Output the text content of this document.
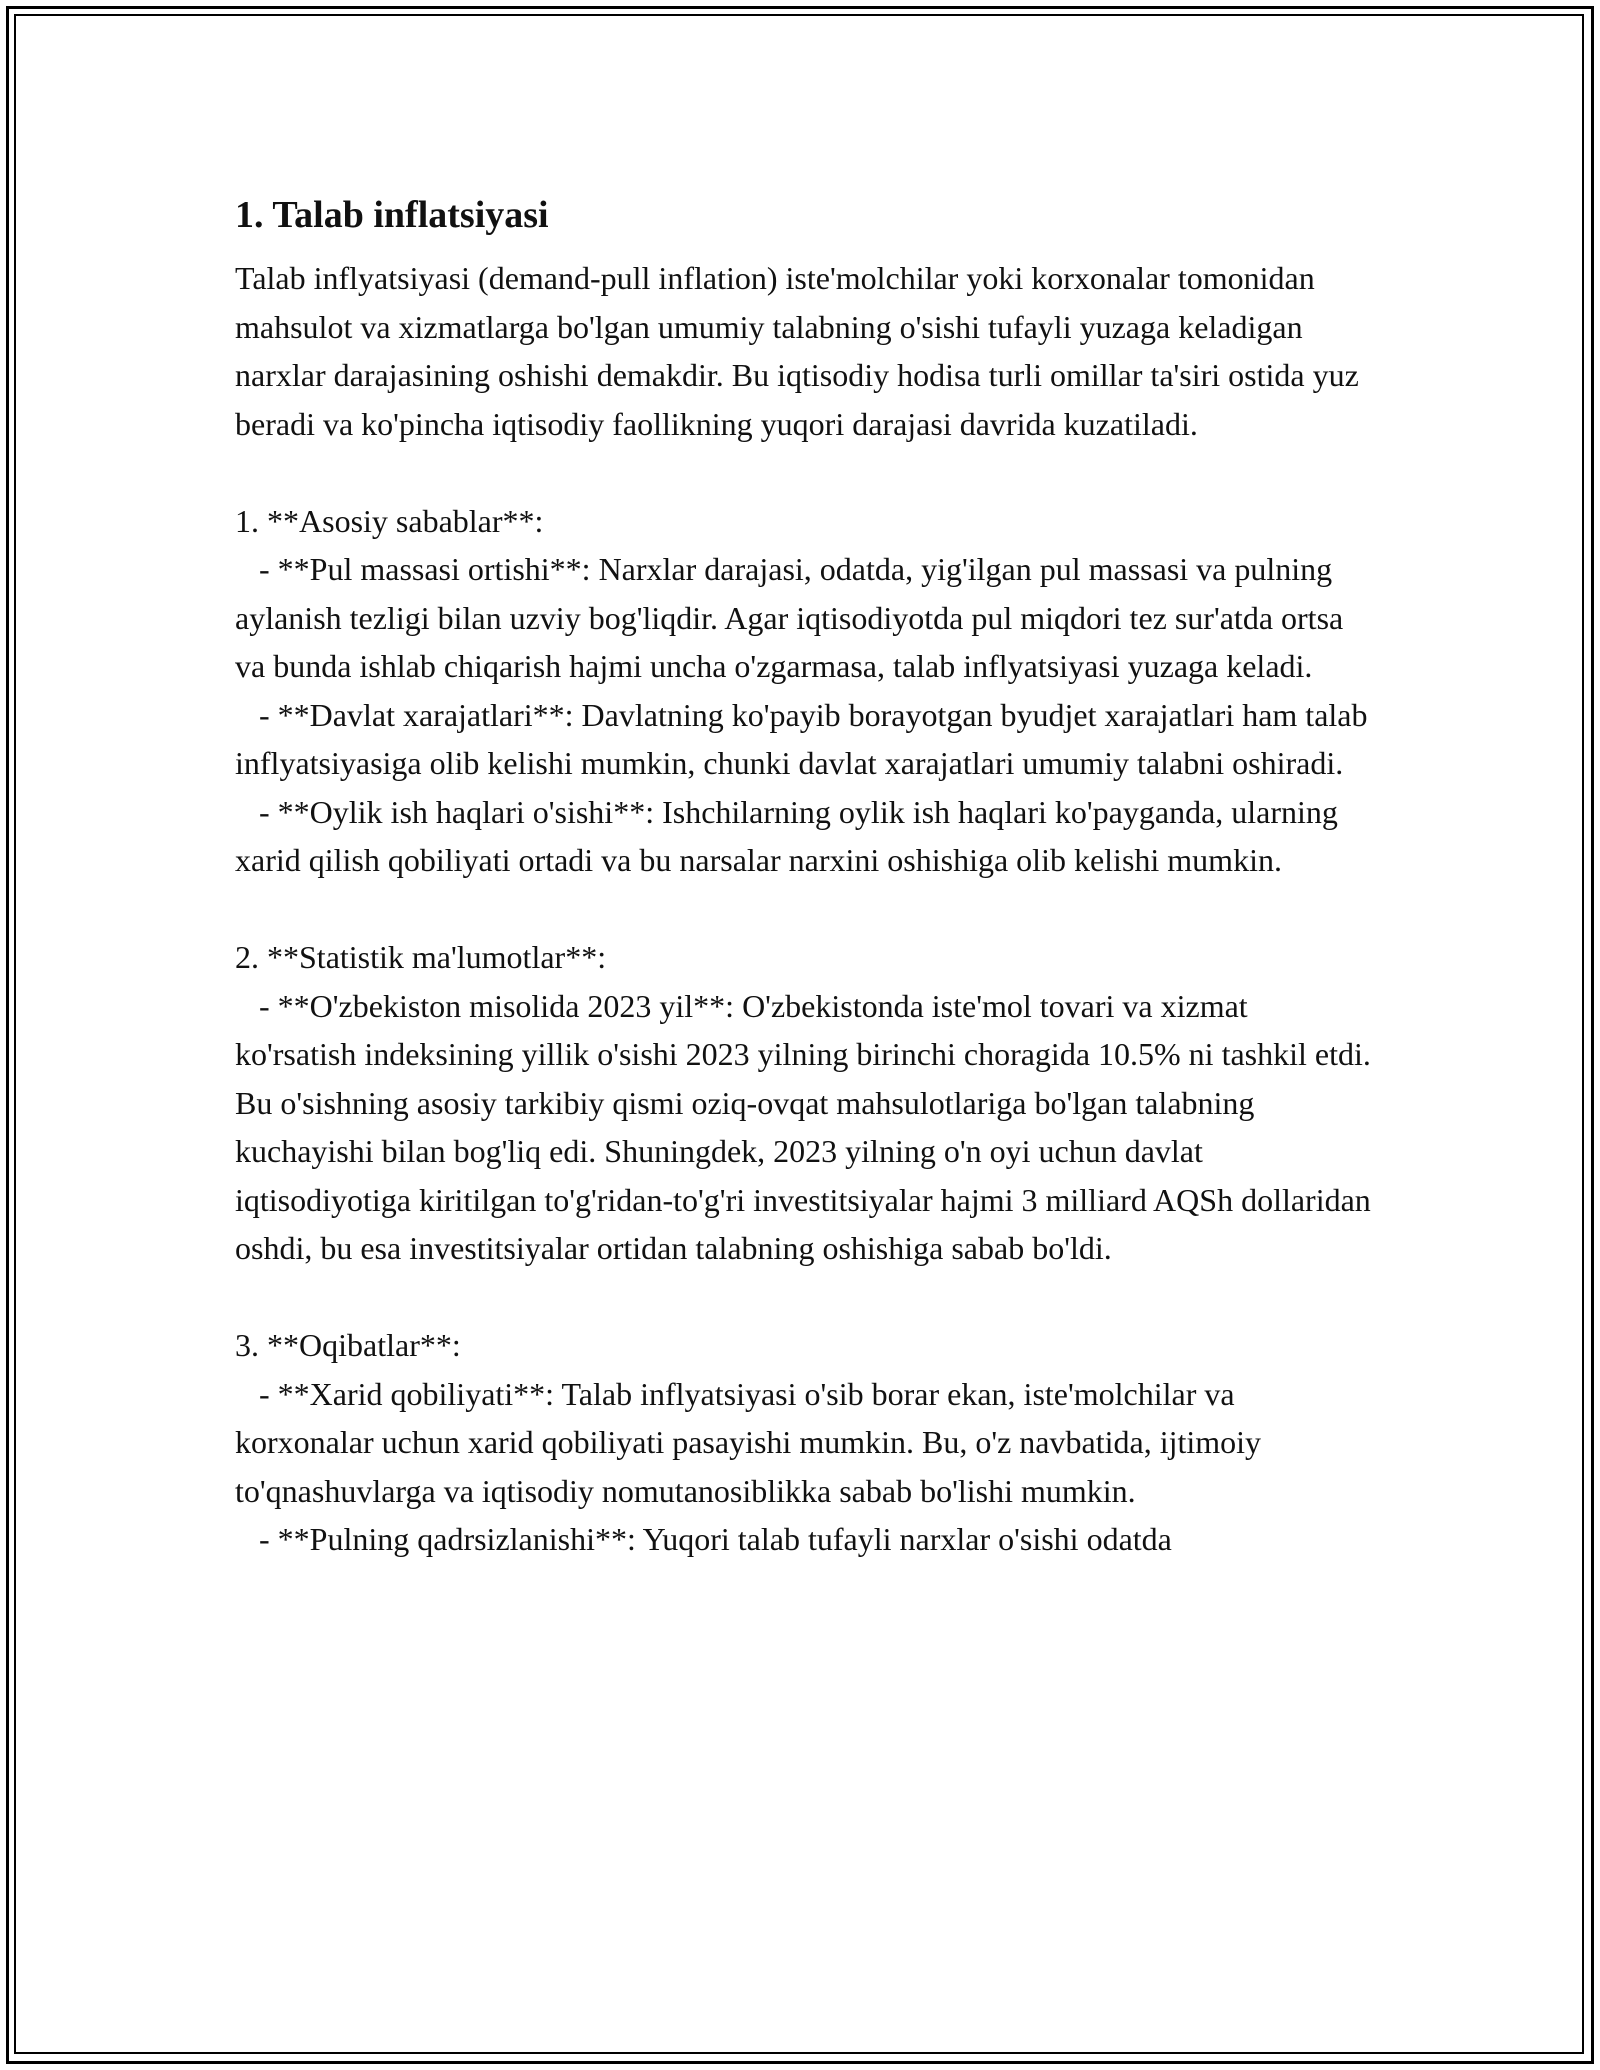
1. Talab inflatsiyasi

Talab inflyatsiyasi (demand-pull inflation) iste'molchilar yoki korxonalar tomonidan mahsulot va xizmatlarga bo'lgan umumiy talabning o'sishi tufayli yuzaga keladigan narxlar darajasining oshishi demakdir. Bu iqtisodiy hodisa turli omillar ta'siri ostida yuz beradi va ko'pincha iqtisodiy faollikning yuqori darajasi davrida kuzatiladi.

1. **Asosiy sabablar**:

- **Pul massasi ortishi**: Narxlar darajasi, odatda, yig'ilgan pul massasi va pulning aylanish tezligi bilan uzviy bog'liqdir. Agar iqtisodiyotda pul miqdori tez sur'atda ortsa va bunda ishlab chiqarish hajmi uncha o'zgarmasa, talab inflyatsiyasi yuzaga keladi.

- **Davlat xarajatlari**: Davlatning ko'payib borayotgan byudjet xarajatlari ham talab inflyatsiyasiga olib kelishi mumkin, chunki davlat xarajatlari umumiy talabni oshiradi.

- **Oylik ish haqlari o'sishi**: Ishchilarning oylik ish haqlari ko'payganda, ularning xarid qilish qobiliyati ortadi va bu narsalar narxini oshishiga olib kelishi mumkin.

2. **Statistik ma'lumotlar**:

- **O'zbekiston misolida 2023 yil**: O'zbekistonda iste'mol tovari va xizmat ko'rsatish indeksining yillik o'sishi 2023 yilning birinchi choragida 10.5% ni tashkil etdi. Bu o'sishning asosiy tarkibiy qismi oziq-ovqat mahsulotlariga bo'lgan talabning kuchayishi bilan bog'liq edi. Shuningdek, 2023 yilning o'n oyi uchun davlat iqtisodiyotiga kiritilgan to'g'ridan-to'g'ri investitsiyalar hajmi 3 milliard AQSh dollaridan oshdi, bu esa investitsiyalar ortidan talabning oshishiga sabab bo'ldi.

3. **Oqibatlar**:

- **Xarid qobiliyati**: Talab inflyatsiyasi o'sib borar ekan, iste'molchilar va korxonalar uchun xarid qobiliyati pasayishi mumkin. Bu, o'z navbatida, ijtimoiy to'qnashuvlarga va iqtisodiy nomutanosiblikka sabab bo'lishi mumkin.

- **Pulning qadrsizlanishi**: Yuqori talab tufayli narxlar o'sishi odatda
